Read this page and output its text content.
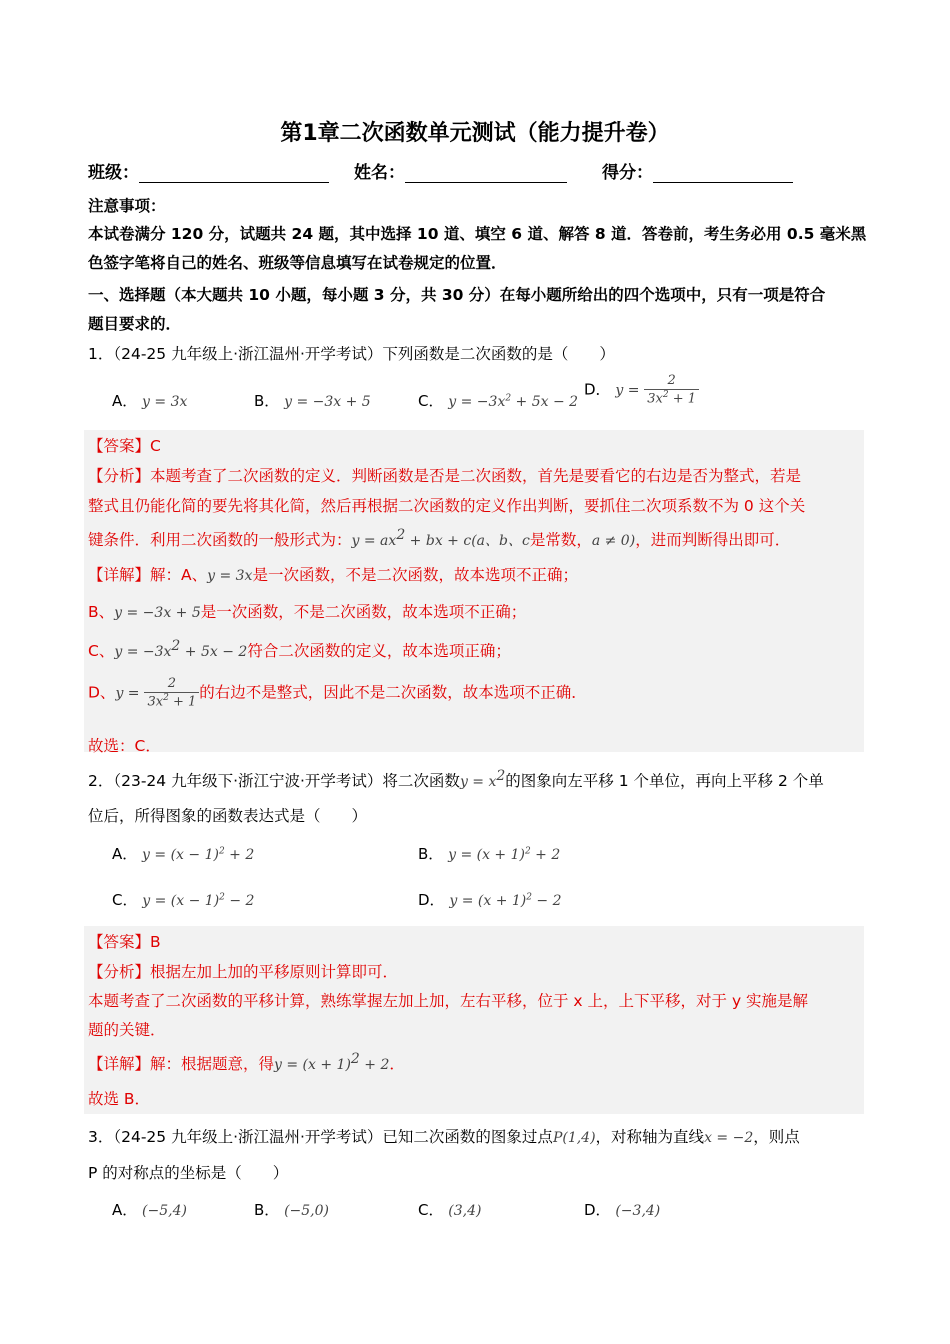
第1章二次函数单元测试（能力提升卷）
班级：	姓名：	得分：
注意事项：
本试卷满分 120 分，试题共 24 题，其中选择 10 道、填空 6 道、解答 8 道．答卷前，考生务必用 0.5 毫米黑
色签字笔将自己的姓名、班级等信息填写在试卷规定的位置．
一、选择题（本大题共 10 小题，每小题 3 分，共 30 分）在每小题所给出的四个选项中，只有一项是符合
题目要求的．
1．（24-25 九年级上·浙江温州·开学考试）下列函数是二次函数的是（　　）
A． y = 3x	B． y = −3x + 5	C． $y = -3x^2 + 5x - 2$
D． $y = \frac{2}{3x^2 + 1}$
【答案】C
【分析】本题考查了二次函数的定义．判断函数是否是二次函数，首先是要看它的右边是否为整式，若是
整式且仍能化简的要先将其化简，然后再根据二次函数的定义作出判断，要抓住二次项系数不为 0 这个关
键条件．利用二次函数的一般形式为：$y = ax^2$ + bx + c(a、b、c是常数，a ≠ 0)，进而判断得出即可．
【详解】解：A、y = 3x是一次函数，不是二次函数，故本选项不正确；
B、y = −3x + 5是一次函数，不是二次函数，故本选项不正确；
C、$y = -3x^2 + 5x - 2$符合二次函数的定义，故本选项正确；
D、$y = \frac{2}{3x^2 + 1}$ 的右边不是整式，因此不是二次函数，故本选项不正确．
故选：C．
2．（23-24 九年级下·浙江宁波·开学考试）将二次函数$y = x^2$的图象向左平移 1 个单位，再向上平移 2 个单
位后，所得图象的函数表达式是（　　）
A． $y = (x - 1)^2 + 2$	B． $y = (x + 1)^2 + 2$
C． $y = (x - 1)^2 - 2$	D． $y = (x + 1)^2 - 2$
【答案】B
【分析】根据左加上加的平移原则计算即可．
本题考查了二次函数的平移计算，熟练掌握左加上加，左右平移，位于 x 上，上下平移，对于 y 实施是解
题的关键．
【详解】解：根据题意，得$y = (x + 1)^2 + 2$．
故选 B．
3．（24-25 九年级上·浙江温州·开学考试）已知二次函数的图象过点P(1,4)，对称轴为直线x = −2，则点
P 的对称点的坐标是（　　）
A． (−5,4)	B． (−5,0)	C． (3,4)	D． (−3,4)
